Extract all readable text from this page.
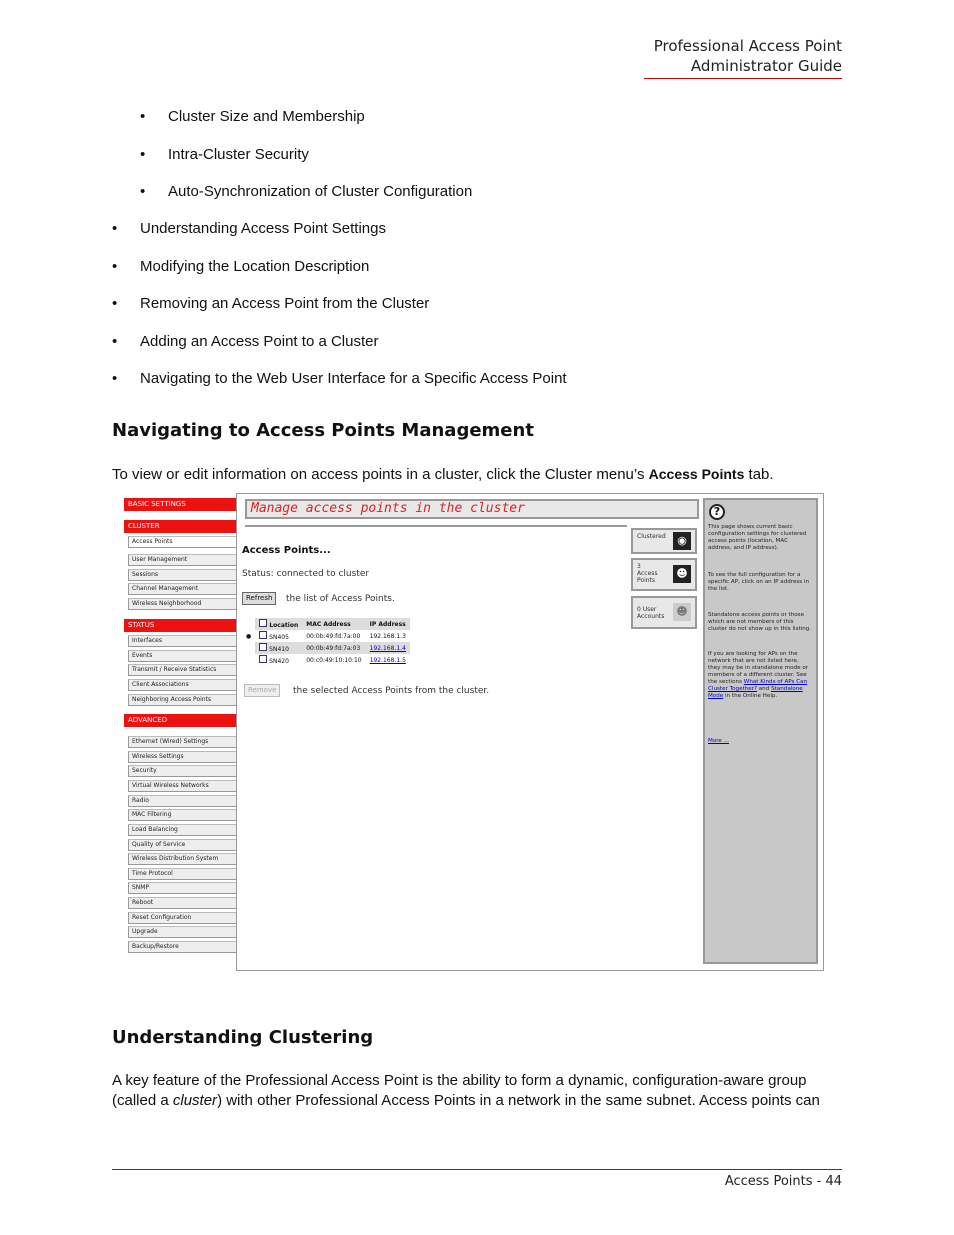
Professional Access Point
Administrator Guide
• Cluster Size and Membership
• Intra-Cluster Security
• Auto-Synchronization of Cluster Configuration
• Understanding Access Point Settings
• Modifying the Location Description
• Removing an Access Point from the Cluster
• Adding an Access Point to a Cluster
• Navigating to the Web User Interface for a Specific Access Point
Navigating to Access Points Management
To view or edit information on access points in a cluster, click the Cluster menu’s Access Points tab.
BASIC SETTINGS
CLUSTER
Access Points
User Management
Sessions
Channel Management
Wireless Neighborhood
STATUS
Interfaces
Events
Transmit / Receive Statistics
Client Associations
Neighboring Access Points
ADVANCED
Ethernet (Wired) Settings
Wireless Settings
Security
Virtual Wireless Networks
Radio
MAC Filtering
Load Balancing
Quality of Service
Wireless Distribution System
Time Protocol
SNMP
Reboot
Reset Configuration
Upgrade
Backup/Restore
Manage access points in the cluster
Access Points...
Status: connected to cluster
Refresh	the list of Access Points.
	Location	MAC Address	IP Address
●	SN405	00:0b:49:fd:7a:00	192.168.1.3
	SN410	00:0b:49:fd:7a:03	192.168.1.4
	SN420	00:c0:49:10:10:10	192.168.1.5
Remove	the selected Access Points from the cluster.
Clustered	◉
3
Access
Points
☻
0 User
Accounts ☻
?
This page shows current basic configuration settings for clustered access points (location, MAC address, and IP address).
To see the full configuration for a specific AP, click on an IP address in the list.
Standalone access points or those which are not members of this cluster do not show up in this listing.
If you are looking for APs on the network that are not listed here, they may be in standalone mode or members of a different cluster. See the sections What Kinds of APs Can Cluster Together? and Standalone Mode in the Online Help.
More ...
Understanding Clustering
A key feature of the Professional Access Point is the ability to form a dynamic, configuration-aware group (called a cluster) with other Professional Access Points in a network in the same subnet. Access points can
Access Points - 44
